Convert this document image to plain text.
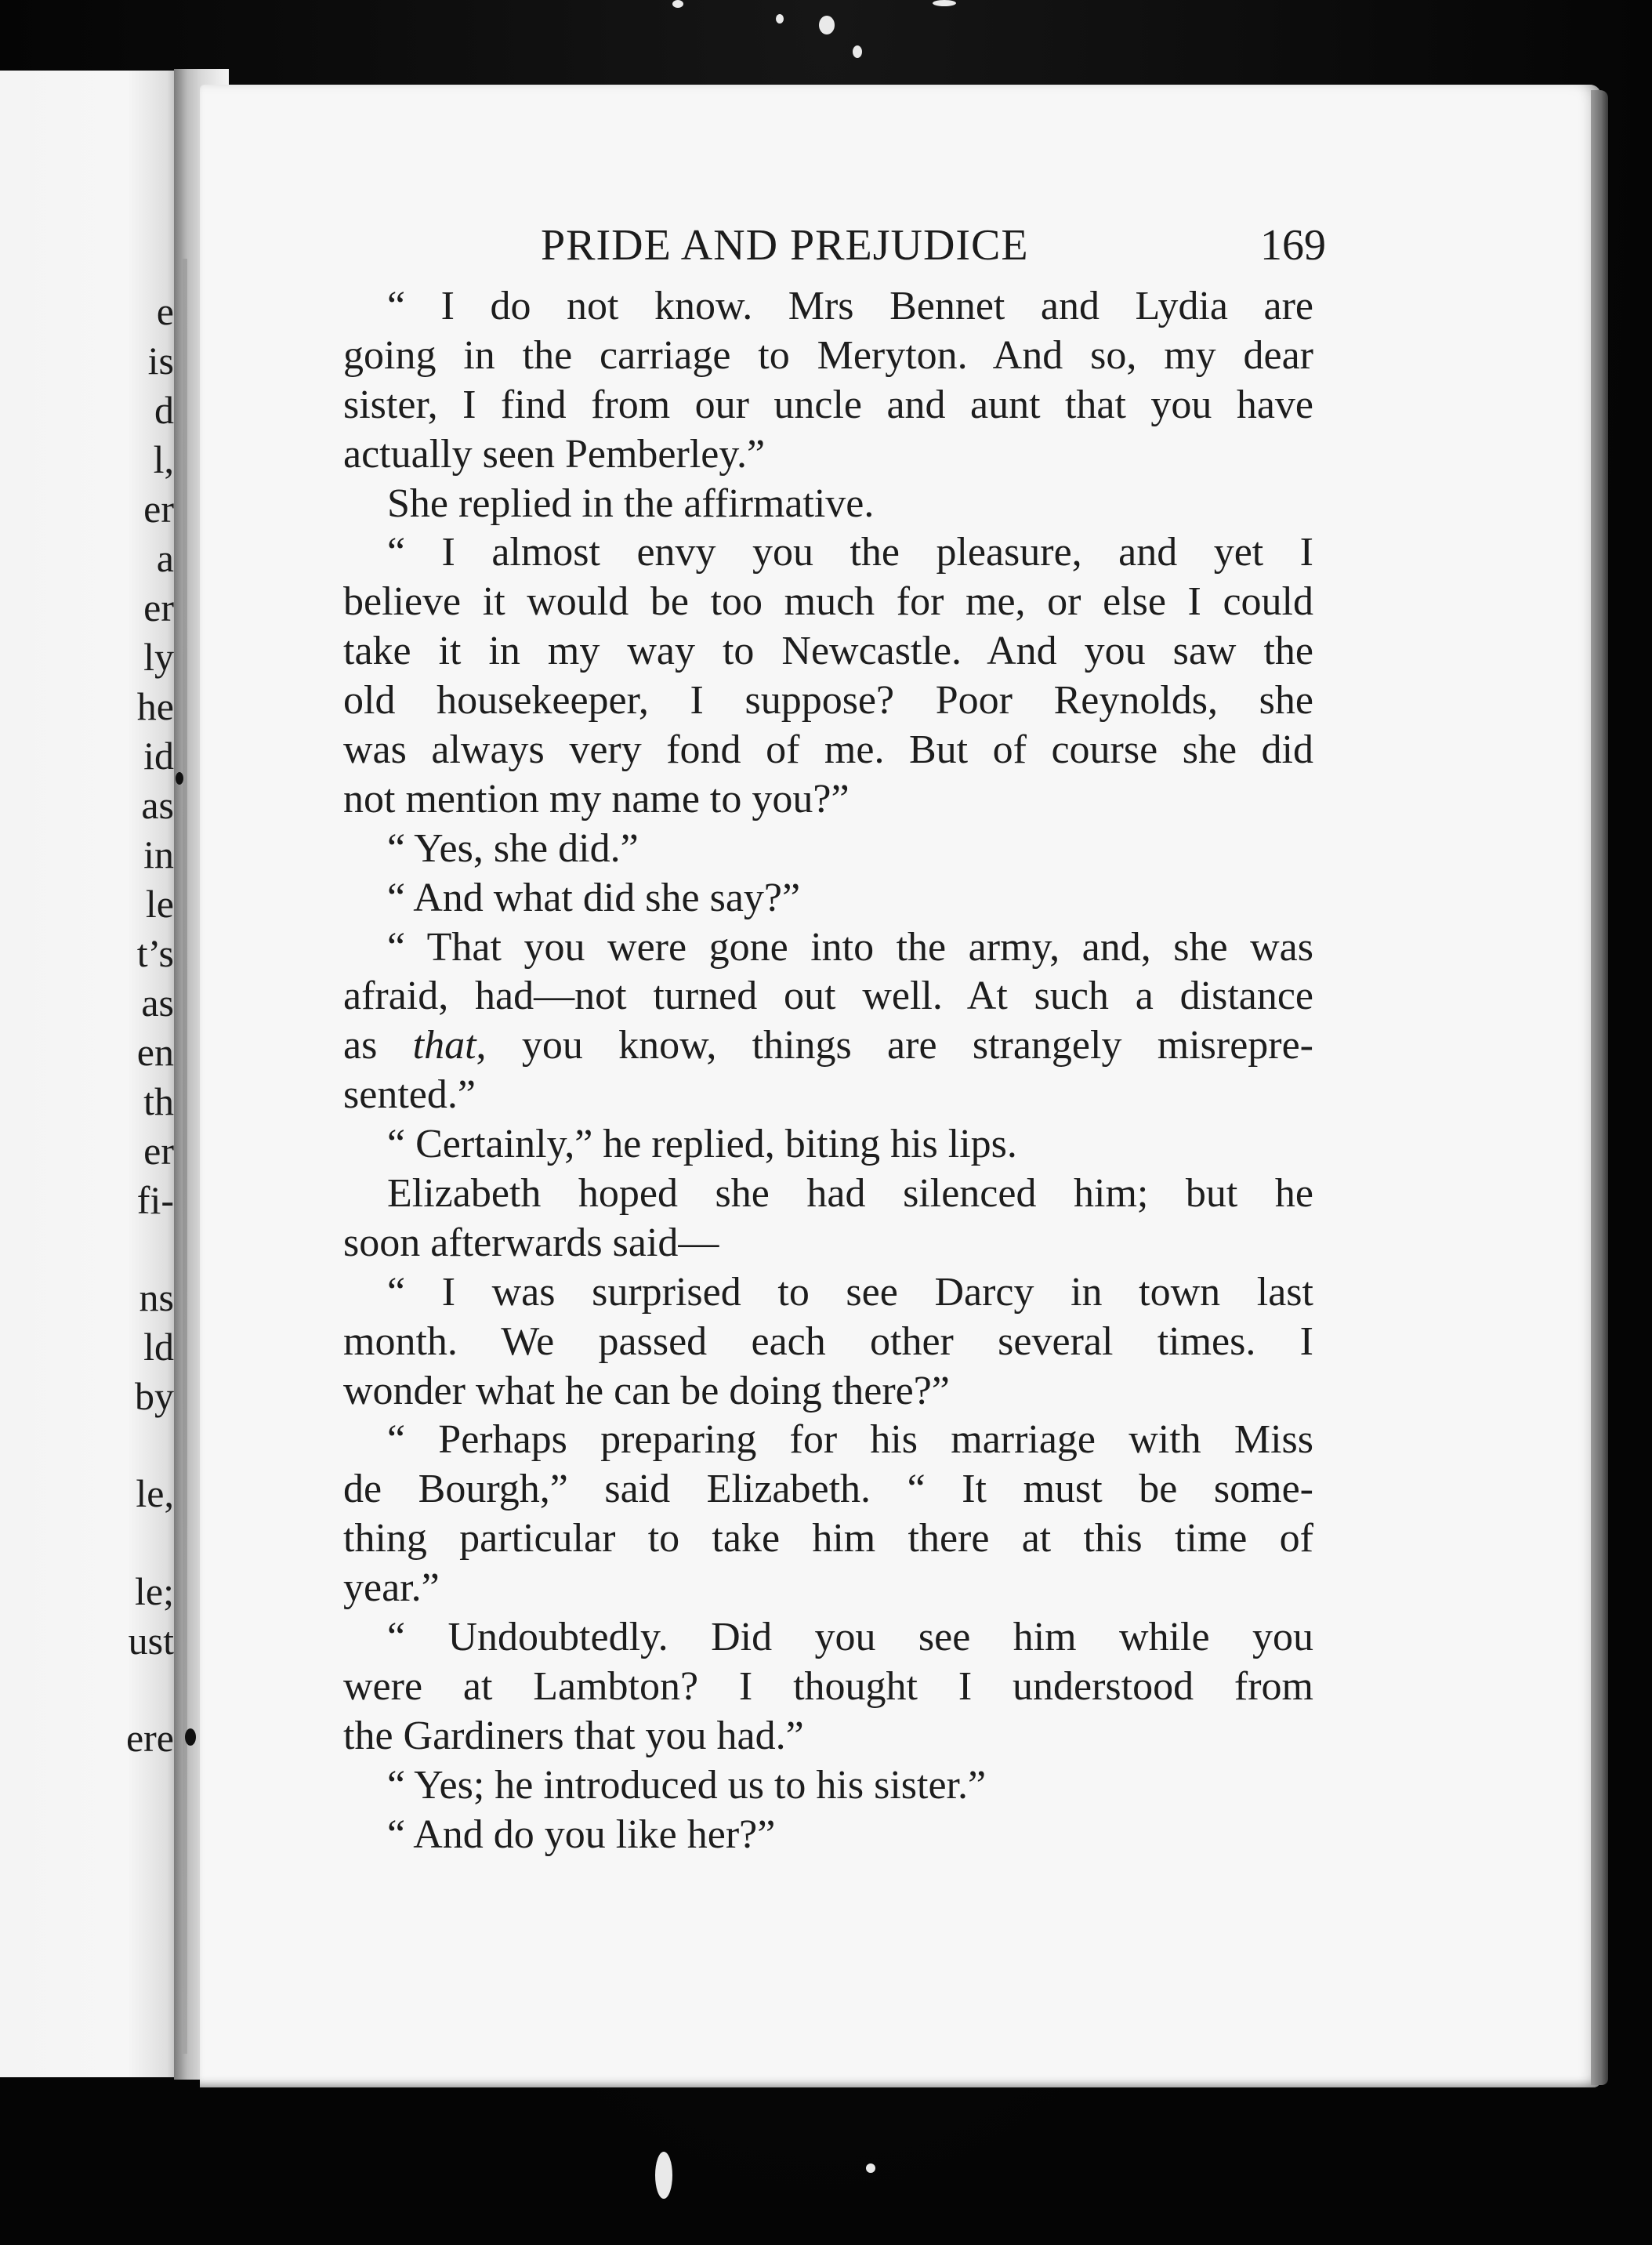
e
is
d
l,
er
a
er
ly
he
id
as
in
le
t’s
as
en
th
er
fi-
ns
ld
by
le,
le;
ust
ere
PRIDE AND PREJUDICE	169
“ I do not know. Mrs Bennet and Lydia are
going in the carriage to Meryton. And so, my dear
sister, I find from our uncle and aunt that you have
actually seen Pemberley.”
She replied in the affirmative.
“ I almost envy you the pleasure, and yet I
believe it would be too much for me, or else I could
take it in my way to Newcastle. And you saw the
old housekeeper, I suppose? Poor Reynolds, she
was always very fond of me. But of course she did
not mention my name to you?”
“ Yes, she did.”
“ And what did she say?”
“ That you were gone into the army, and, she was
afraid, had—not turned out well. At such a distance
as that, you know, things are strangely misrepre-
sented.”
“ Certainly,” he replied, biting his lips.
Elizabeth hoped she had silenced him; but he
soon afterwards said—
“ I was surprised to see Darcy in town last
month. We passed each other several times. I
wonder what he can be doing there?”
“ Perhaps preparing for his marriage with Miss
de Bourgh,” said Elizabeth. “ It must be some-
thing particular to take him there at this time of
year.”
“ Undoubtedly. Did you see him while you
were at Lambton? I thought I understood from
the Gardiners that you had.”
“ Yes; he introduced us to his sister.”
“ And do you like her?”
